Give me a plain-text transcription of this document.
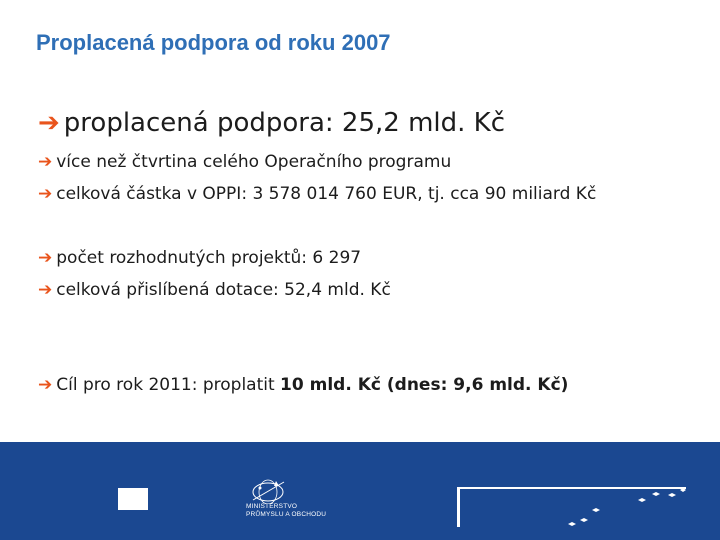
Proplacená podpora od roku 2007
➔ proplacená podpora: 25,2 mld. Kč
➔ více než čtvrtina celého Operačního programu
➔ celková částka v OPPI: 3 578 014 760 EUR, tj. cca 90 miliard Kč
➔ počet rozhodnutých projektů: 6 297
➔ celková přislíbená dotace: 52,4 mld. Kč
➔ Cíl pro rok 2011: proplatit 10 mld. Kč (dnes: 9,6 mld. Kč)
MINISTERSTVO
PRŮMYSLU A OBCHODU
